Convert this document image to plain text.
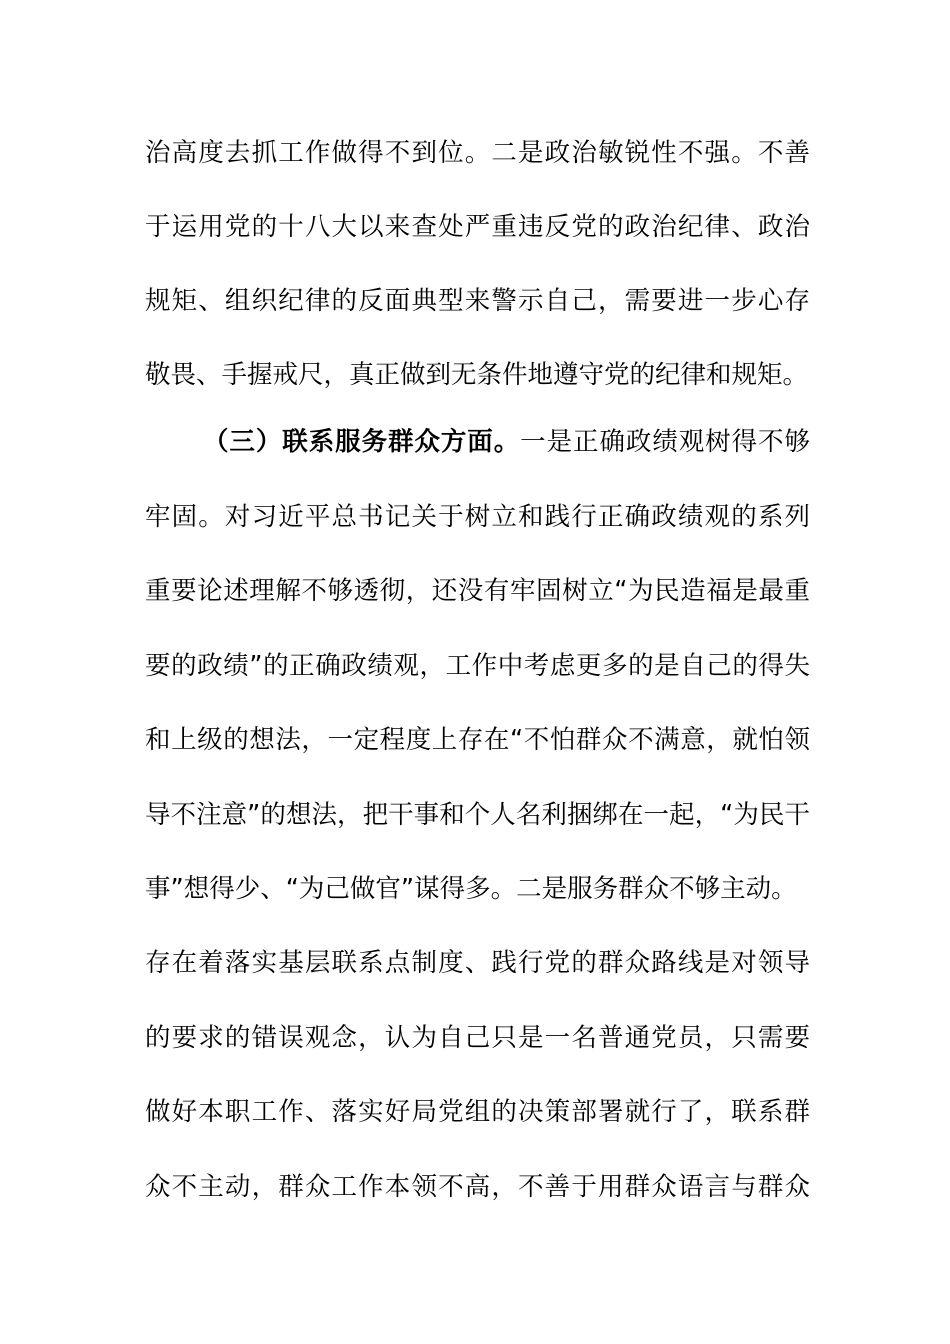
治高度去抓工作做得不到位。二是政治敏锐性不强。不善
于运用党的十八大以来查处严重违反党的政治纪律、政治
规矩、组织纪律的反面典型来警示自己，需要进一步心存
敬畏、手握戒尺，真正做到无条件地遵守党的纪律和规矩。
（三）联系服务群众方面。一是正确政绩观树得不够
牢固。对习近平总书记关于树立和践行正确政绩观的系列
重要论述理解不够透彻，还没有牢固树立“为民造福是最重
要的政绩”的正确政绩观，工作中考虑更多的是自己的得失
和上级的想法，一定程度上存在“不怕群众不满意，就怕领
导不注意”的想法，把干事和个人名利捆绑在一起，“为民干
事”想得少、“为己做官”谋得多。二是服务群众不够主动。
存在着落实基层联系点制度、践行党的群众路线是对领导
的要求的错误观念，认为自己只是一名普通党员，只需要
做好本职工作、落实好局党组的决策部署就行了，联系群
众不主动，群众工作本领不高，不善于用群众语言与群众
